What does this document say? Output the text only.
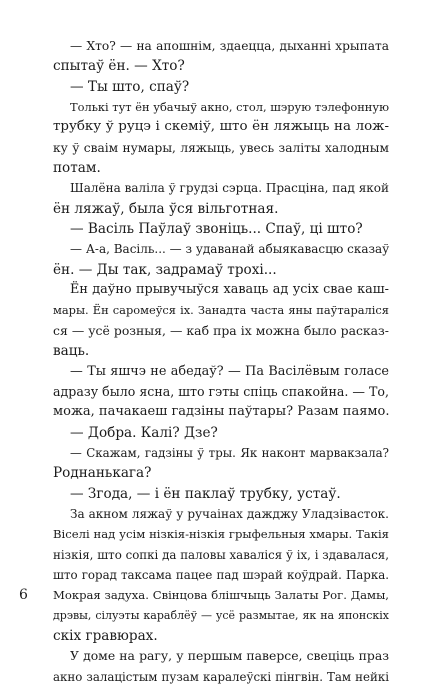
— Хто? — на апошнім, здаецца, дыханні хрыпата
спытаў ён. — Хто?
— Ты што, спаў?
Толькі тут ён убачыў акно, стол, шэрую тэлефонную
трубку ў руцэ і скеміў, што ён ляжыць на лож-
ку ў сваім нумары, ляжыць, увесь заліты халодным
потам.
Шалёна валіла ў грудзі сэрца. Прасціна, пад якой
ён ляжаў, была ўся вільготная.
— Васіль Паўлаў звоніць... Спаў, ці што?
— А-а, Васіль... — з удаванай абыякавасцю сказаў
ён. — Ды так, задрамаў трохі...
Ён даўно прывучыўся хаваць ад усіх свае каш-
мары. Ён саромеўся іх. Занадта часта яны паўтараліся
ся — усё розныя, — каб пра іх можна было расказ-
ваць.
— Ты яшчэ не абедаў? — Па Васілёвым голасе
адразу было ясна, што гэты спіць спакойна. — То,
можа, пачакаеш гадзіны паўтары? Разам паямо.
— Добра. Калі? Дзе?
— Скажам, гадзіны ў тры. Як наконт марвакзала?
Роднанькага?
— Згода, — і ён паклаў трубку, устаў.
За акном ляжаў у ручаінах дажджу Уладзівасток.
Віселі над усім нізкія-нізкія грыфельныя хмары. Такія
нізкія, што сопкі да паловы хаваліся ў іх, і здавалася,
што горад таксама пацее пад шэрай коўдрай. Парка.
Мокрая задуха. Свінцова блішчыць Залаты Рог. Дамы,
дрэвы, сілуэты караблёў — усё размытае, як на японскіх
скіх гравюрах.
У доме на рагу, у першым паверсе, свеціць праз
акно залацістым пузам каралеўскі пінгвін. Там нейкі
6
